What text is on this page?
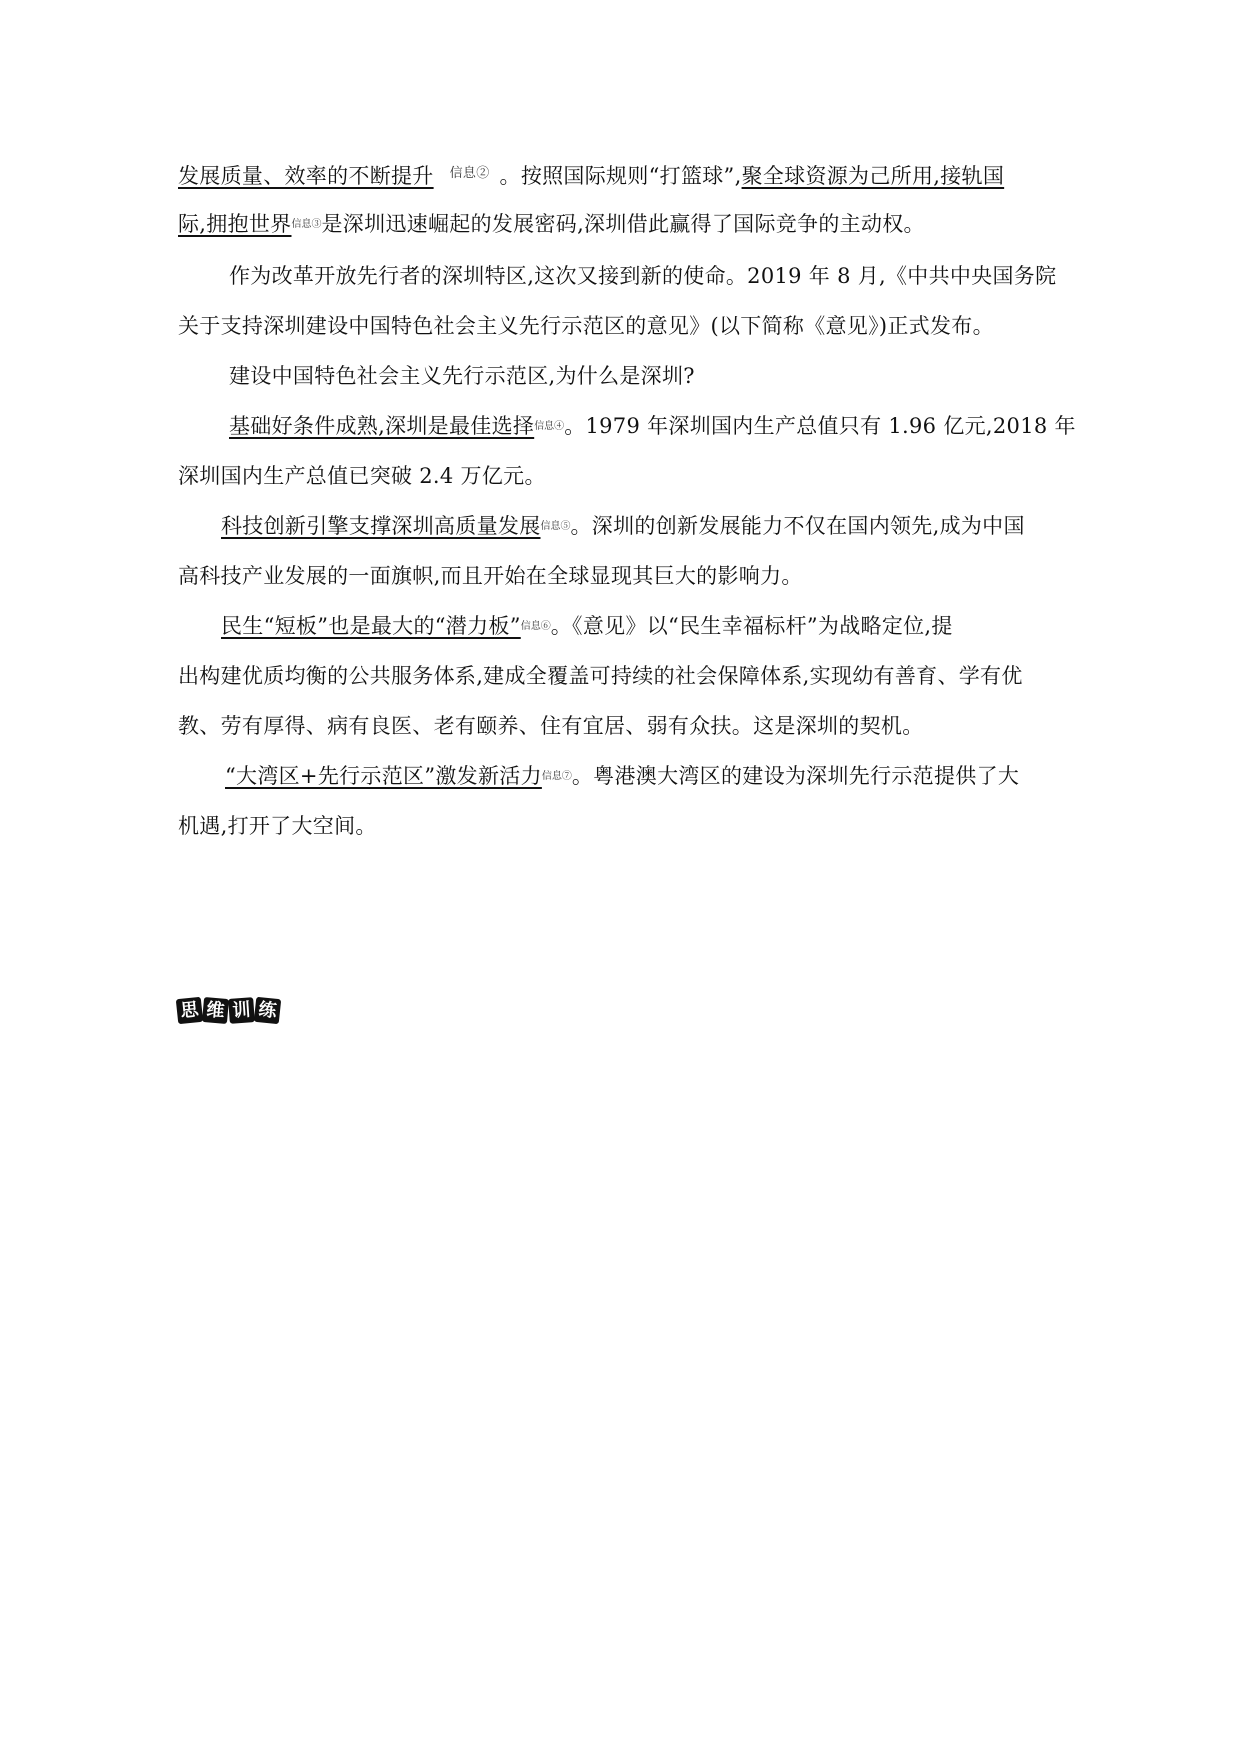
发展质量、效率的不断提升 $^{信息②}$ 。按照国际规则“打篮球”,聚全球资源为己所用,接轨国
际,拥抱世界信息③是深圳迅速崛起的发展密码,深圳借此赢得了国际竞争的主动权。
作为改革开放先行者的深圳特区,这次又接到新的使命。2019 年 8 月,《中共中央国务院
关于支持深圳建设中国特色社会主义先行示范区的意见》(以下简称《意见》)正式发布。
建设中国特色社会主义先行示范区,为什么是深圳?
基础好条件成熟,深圳是最佳选择信息④。1979 年深圳国内生产总值只有 1.96 亿元,2018 年
深圳国内生产总值已突破 2.4 万亿元。
科技创新引擎支撑深圳高质量发展信息⑤。深圳的创新发展能力不仅在国内领先,成为中国
高科技产业发展的一面旗帜,而且开始在全球显现其巨大的影响力。
民生“短板”也是最大的“潜力板”信息⑥。《意见》以“民生幸福标杆”为战略定位,提
出构建优质均衡的公共服务体系,建成全覆盖可持续的社会保障体系,实现幼有善育、学有优
教、劳有厚得、病有良医、老有颐养、住有宜居、弱有众扶。这是深圳的契机。
“大湾区+先行示范区”激发新活力信息⑦。粤港澳大湾区的建设为深圳先行示范提供了大
机遇,打开了大空间。
思 维 训 练
